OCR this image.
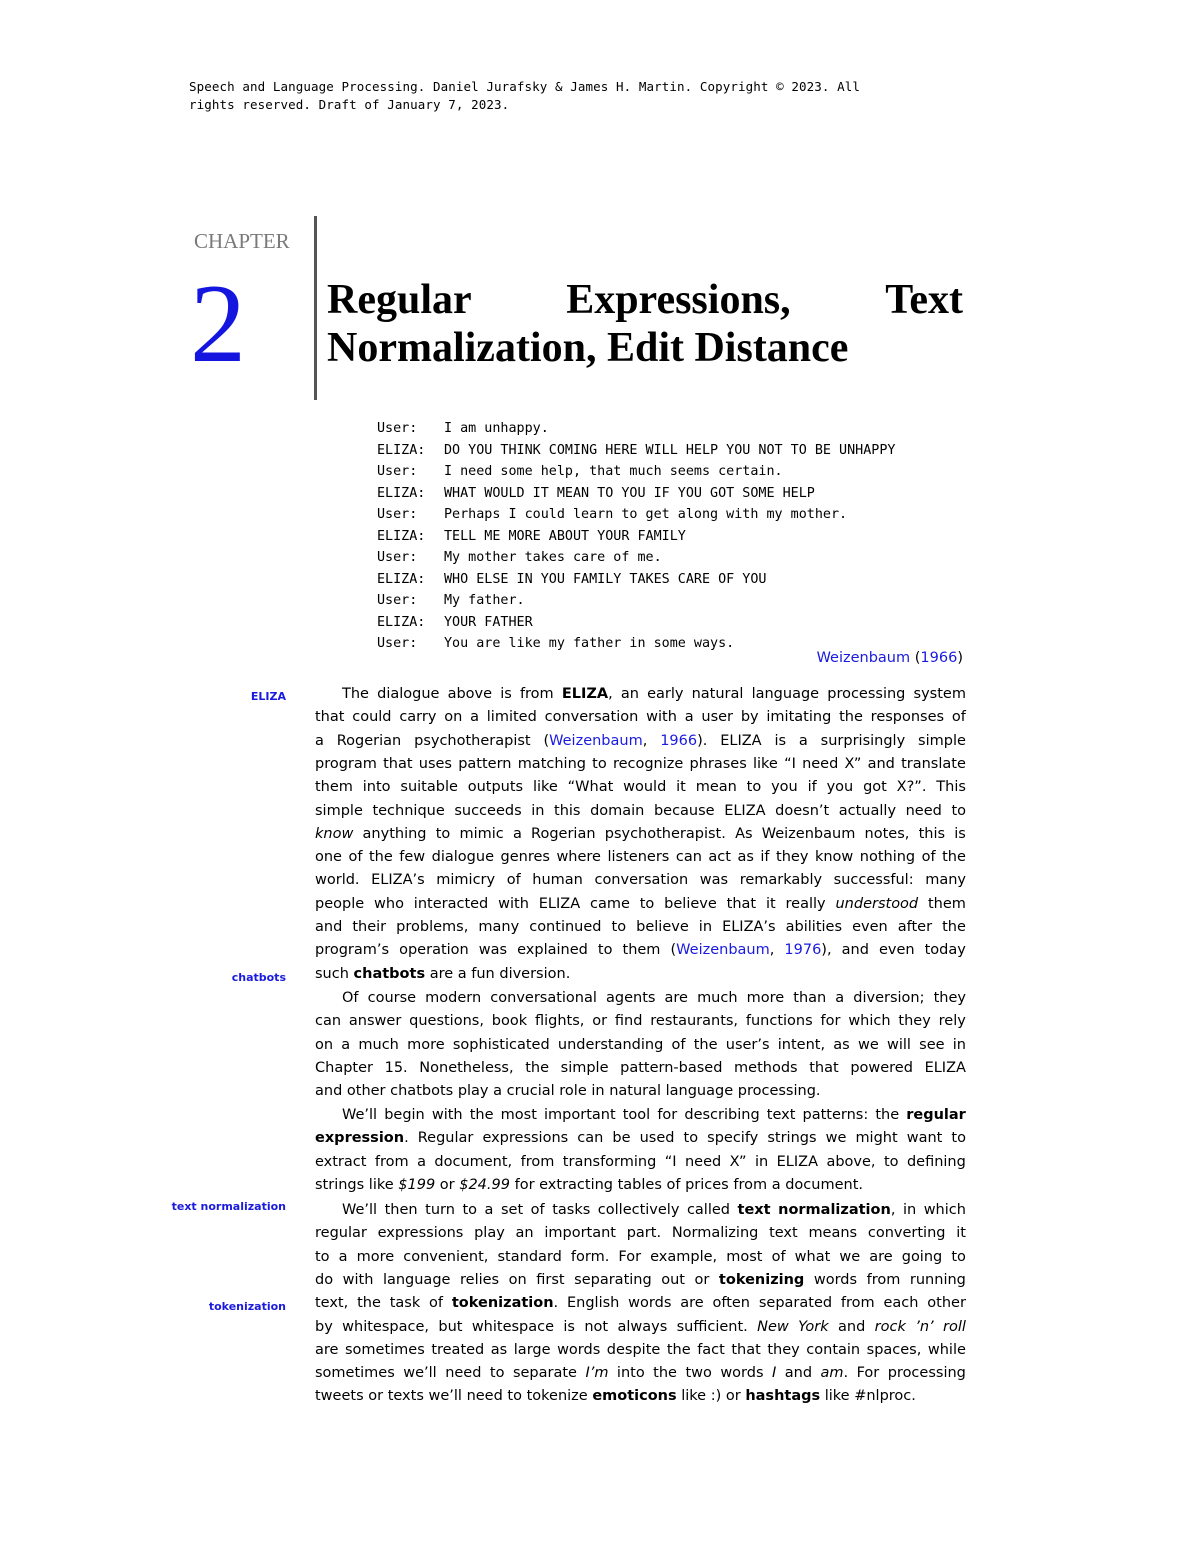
Speech and Language Processing. Daniel Jurafsky & James H. Martin. Copyright © 2023. All
rights reserved. Draft of January 7, 2023.
CHAPTER
2 Regular Expressions, Text
Normalization, Edit Distance
User:	I am unhappy.
ELIZA:	DO YOU THINK COMING HERE WILL HELP YOU NOT TO BE UNHAPPY
User:	I need some help, that much seems certain.
ELIZA:	WHAT WOULD IT MEAN TO YOU IF YOU GOT SOME HELP
User:	Perhaps I could learn to get along with my mother.
ELIZA:	TELL ME MORE ABOUT YOUR FAMILY
User:	My mother takes care of me.
ELIZA:	WHO ELSE IN YOU FAMILY TAKES CARE OF YOU
User:	My father.
ELIZA:	YOUR FATHER
User:	You are like my father in some ways.
Weizenbaum (1966)
ELIZA
chatbots
text normalization
tokenization
The dialogue above is from ELIZA, an early natural language processing system
that could carry on a limited conversation with a user by imitating the responses of
a Rogerian psychotherapist (Weizenbaum, 1966). ELIZA is a surprisingly simple
program that uses pattern matching to recognize phrases like “I need X” and translate
them into suitable outputs like “What would it mean to you if you got X?”. This
simple technique succeeds in this domain because ELIZA doesn’t actually need to
know anything to mimic a Rogerian psychotherapist. As Weizenbaum notes, this is
one of the few dialogue genres where listeners can act as if they know nothing of the
world. ELIZA’s mimicry of human conversation was remarkably successful: many
people who interacted with ELIZA came to believe that it really understood them
and their problems, many continued to believe in ELIZA’s abilities even after the
program’s operation was explained to them (Weizenbaum, 1976), and even today
such chatbots are a fun diversion.
Of course modern conversational agents are much more than a diversion; they
can answer questions, book flights, or find restaurants, functions for which they rely
on a much more sophisticated understanding of the user’s intent, as we will see in
Chapter 15. Nonetheless, the simple pattern-based methods that powered ELIZA
and other chatbots play a crucial role in natural language processing.
We’ll begin with the most important tool for describing text patterns: the regular
expression. Regular expressions can be used to specify strings we might want to
extract from a document, from transforming “I need X” in ELIZA above, to defining
strings like $199 or $24.99 for extracting tables of prices from a document.
We’ll then turn to a set of tasks collectively called text normalization, in which
regular expressions play an important part. Normalizing text means converting it
to a more convenient, standard form. For example, most of what we are going to
do with language relies on first separating out or tokenizing words from running
text, the task of tokenization. English words are often separated from each other
by whitespace, but whitespace is not always sufficient. New York and rock ’n’ roll
are sometimes treated as large words despite the fact that they contain spaces, while
sometimes we’ll need to separate I’m into the two words I and am. For processing
tweets or texts we’ll need to tokenize emoticons like :) or hashtags like #nlproc.
